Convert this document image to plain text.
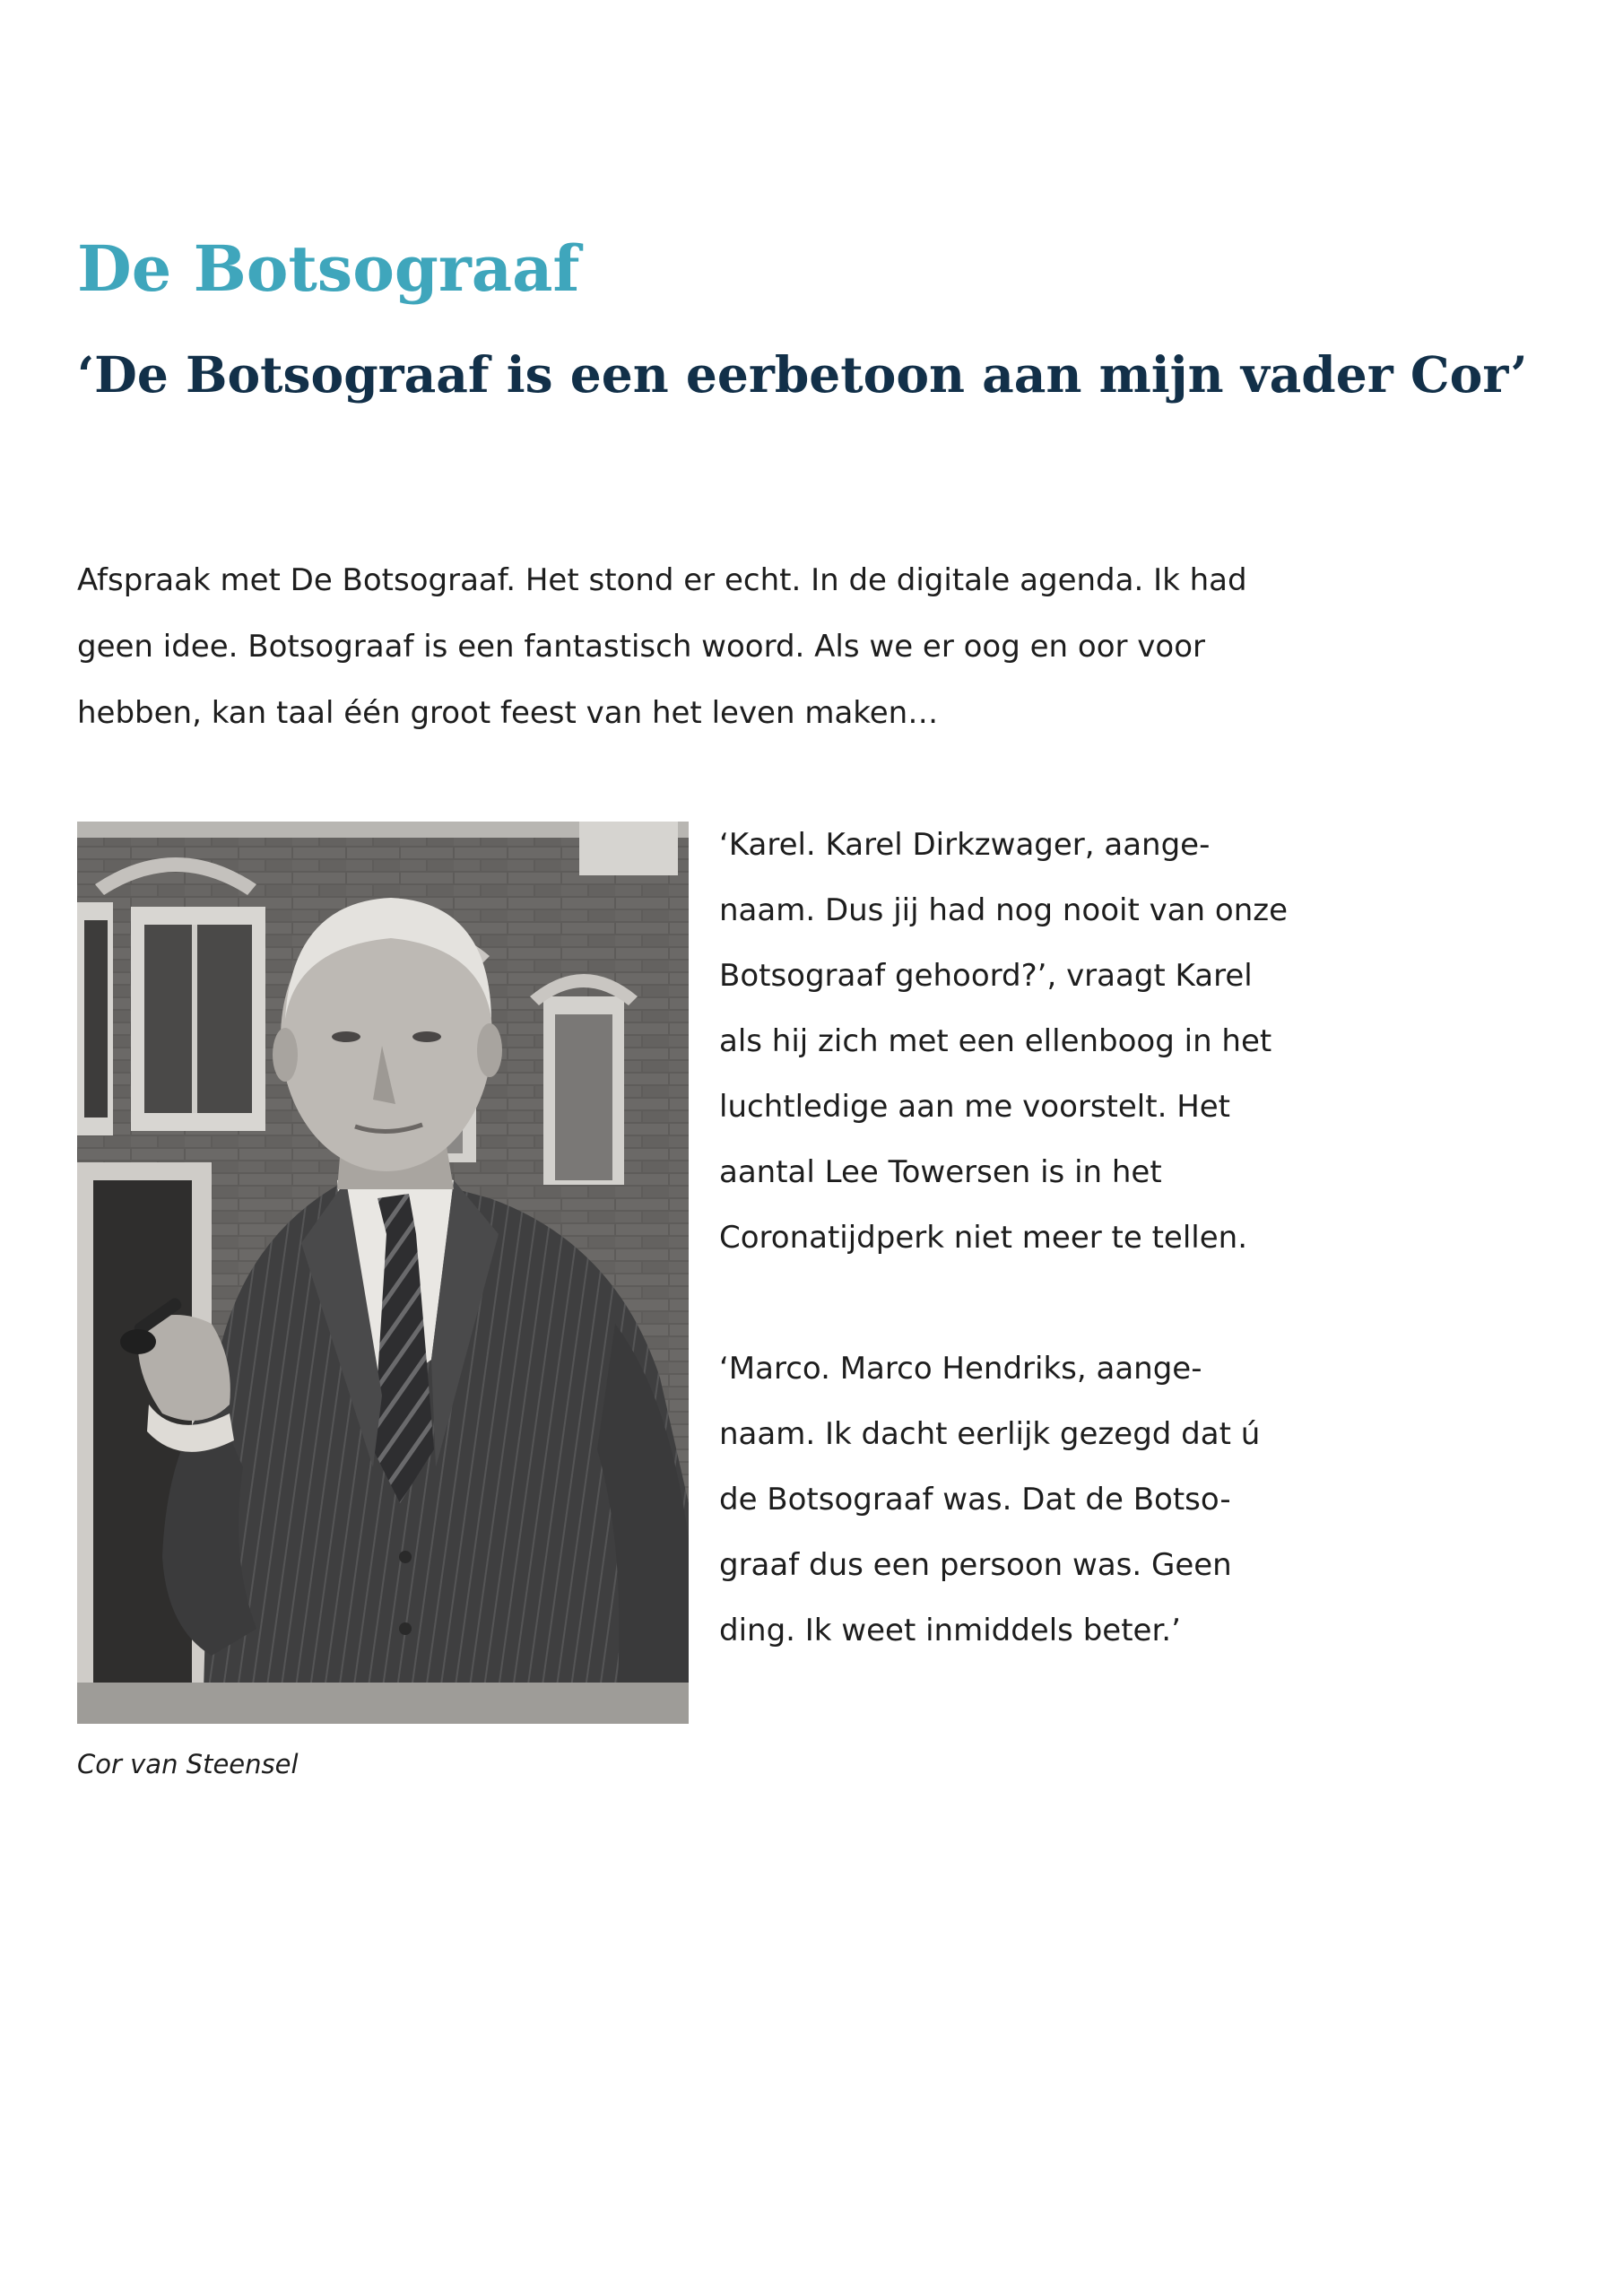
De Botsograaf
‘De Botsograaf is een eerbetoon aan mijn vader Cor’

Afspraak met De Botsograaf. Het stond er echt. In de digitale agenda. Ik had geen idee. Botsograaf is een fantastisch woord. Als we er oog en oor voor hebben, kan taal één groot feest van het leven maken…

Cor van Steensel

‘Karel. Karel Dirkzwager, aange-naam. Dus jij had nog nooit van onze Botsograaf gehoord?’, vraagt Karel als hij zich met een ellenboog in het luchtledige aan me voorstelt. Het aantal Lee Towersen is in het Coronatijdperk niet meer te tellen.

‘Marco. Marco Hendriks, aange-naam. Ik dacht eerlijk gezegd dat ú de Botsograaf was. Dat de Botso-graaf dus een persoon was. Geen ding. Ik weet inmiddels beter.’
